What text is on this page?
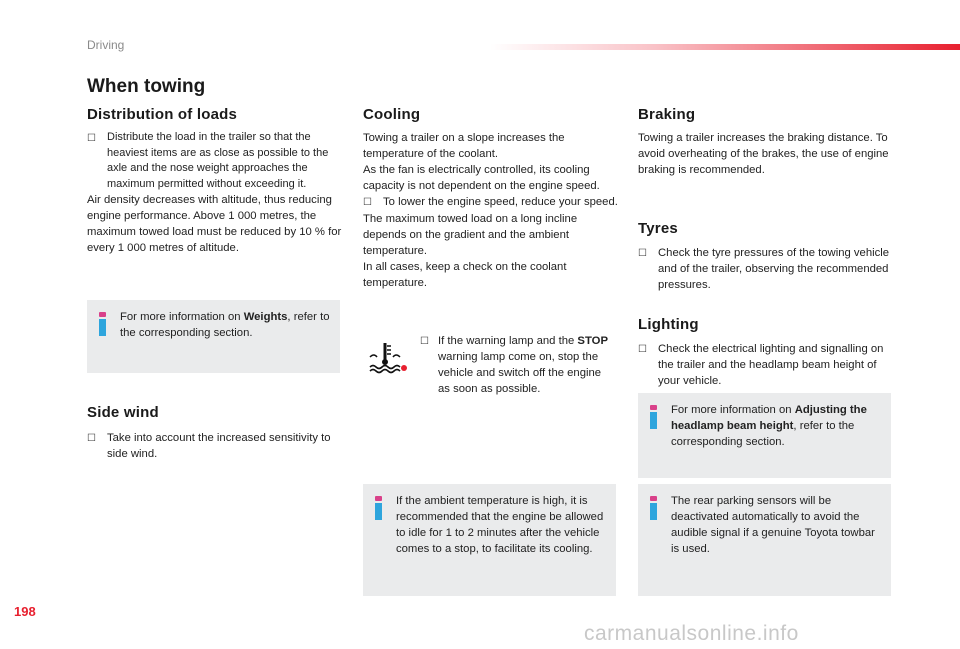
Driving
When towing
Distribution of loads
☐	Distribute the load in the trailer so that the heaviest items are as close as possible to the axle and the nose weight approaches the maximum permitted without exceeding it.
Air density decreases with altitude, thus reducing engine performance. Above 1 000 metres, the maximum towed load must be reduced by 10 % for every 1 000 metres of altitude.
For more information on Weights, refer to the corresponding section.
Side wind
☐ Take into account the increased sensitivity to side wind.
Cooling
Towing a trailer on a slope increases the temperature of the coolant.
As the fan is electrically controlled, its cooling capacity is not dependent on the engine speed.
☐ To lower the engine speed, reduce your speed.
The maximum towed load on a long incline depends on the gradient and the ambient temperature.
In all cases, keep a check on the coolant temperature.
☐ If the warning lamp and the STOP warning lamp come on, stop the vehicle and switch off the engine as soon as possible.
If the ambient temperature is high, it is recommended that the engine be allowed to idle for 1 to 2 minutes after the vehicle comes to a stop, to facilitate its cooling.
Braking
Towing a trailer increases the braking distance. To avoid overheating of the brakes, the use of engine braking is recommended.
Tyres
☐ Check the tyre pressures of the towing vehicle and of the trailer, observing the recommended pressures.
Lighting
☐ Check the electrical lighting and signalling on the trailer and the headlamp beam height of your vehicle.
For more information on Adjusting the headlamp beam height, refer to the corresponding section.
The rear parking sensors will be deactivated automatically to avoid the audible signal if a genuine Toyota towbar is used.
198
carmanualsonline.info
